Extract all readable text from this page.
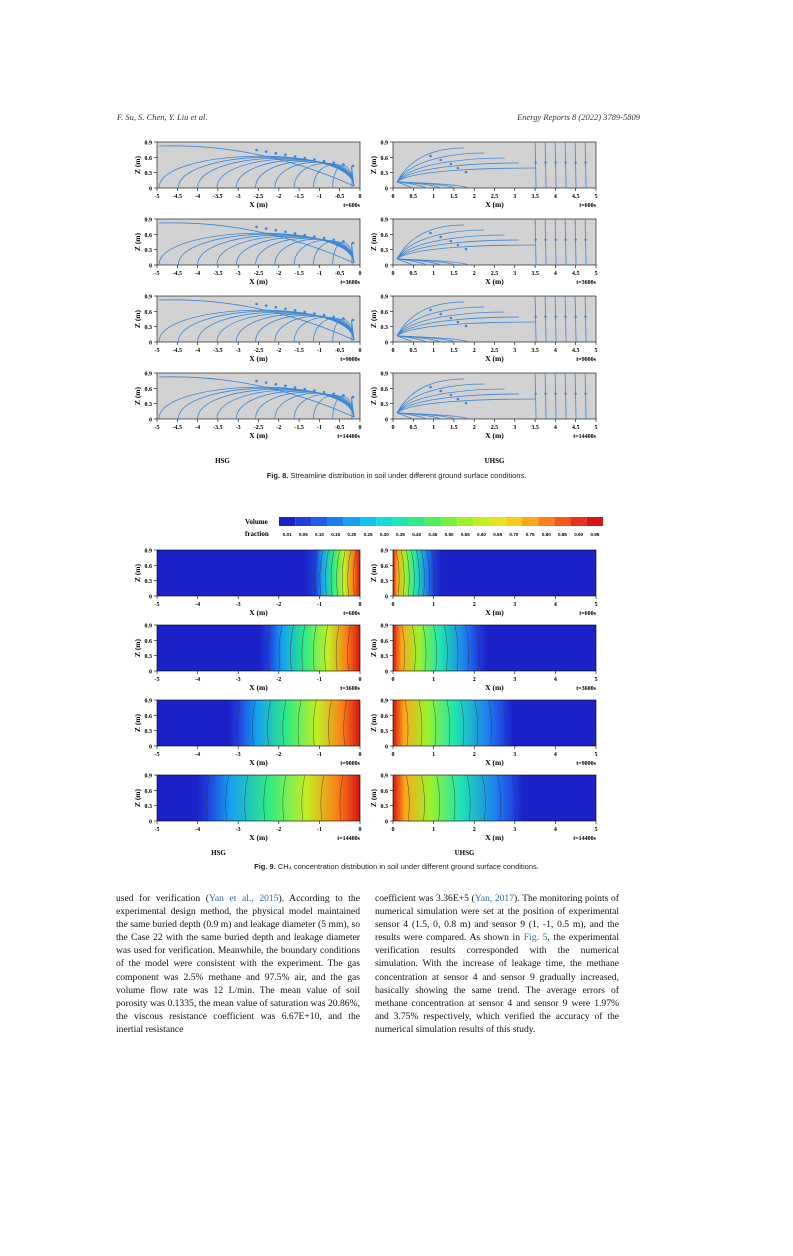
F. Su, S. Chen, Y. Liu et al.	Energy Reports 8 (2022) 3789-5809
0.9
0.6
0.3
0
-5 -4.5 -4 -3.5 -3 -2.5 -2 -1.5 -1 -0.5 0
Z (m)
X (m)	t=600s
0.9
0.6
0.3
0
0	0.5	1	1.5	2	2.5	3	3.5	4	4.5	5
Z (m)
X (m)	t=600s
0.9
0.6
0.3
0
-5 -4.5 -4 -3.5 -3 -2.5 -2 -1.5 -1 -0.5 0
Z (m)
X (m)	t=3600s
0.9
0.6
0.3
0
0	0.5	1	1.5	2	2.5	3	3.5	4	4.5	5
Z (m)
X (m)	t=3600s
0.9
0.6
0.3
0
-5 -4.5 -4 -3.5 -3 -2.5 -2 -1.5 -1 -0.5 0
Z (m)
X (m)	t=9000s
0.9
0.6
0.3
0
0	0.5	1	1.5	2	2.5	3	3.5	4	4.5	5
Z (m)
X (m)	t=9000s
0.9
0.6
0.3
0
-5 -4.5 -4 -3.5 -3 -2.5 -2 -1.5 -1 -0.5 0
Z (m)
X (m)	t=14400s
0.9
0.6
0.3
0
0	0.5	1	1.5	2	2.5	3	3.5	4	4.5	5
Z (m)
X (m)	t=14400s
HSG	UHSG
Fig. 8. Streamline distribution in soil under different ground surface conditions.
Volume
fraction	0.01 0.05 0.10 0.15 0.20 0.25 0.30 0.35 0.40 0.45 0.50 0.55 0.60 0.65 0.70 0.75 0.80 0.85 0.90 0.95
0.9
0.6
0.3
0
-5	-4	-3	-2	-1	0
Z (m)
X (m)	t=600s
0.9
0.6
0.3
0
0	1	2	3	4	5
Z (m)
X (m)	t=600s
0.9
0.6
0.3
0
-5	-4	-3	-2	-1	0
Z (m)
X (m)	t=3600s
0.9
0.6
0.3
0
0	1	2	3	4	5
Z (m)
X (m)	t=3600s
0.9
0.6
0.3
0
-5	-4	-3	-2	-1	0
Z (m)
X (m)	t=9000s
0.9
0.6
0.3
0
0	1	2	3	4	5
Z (m)
X (m)	t=9000s
0.9
0.6
0.3
0
-5	-4	-3	-2	-1	0
Z (m)
X (m)	t=14400s
0.9
0.6
0.3
0
0	1	2	3	4	5
Z (m)
X (m)	t=14400s
HSG	UHSG
Fig. 9. CH₄ concentration distribution in soil under different ground surface conditions.
used for verification (Yan et al., 2015). According to the experimental design method, the physical model maintained the same buried depth (0.9 m) and leakage diameter (5 mm), so the Case 22 with the same buried depth and leakage diameter was used for verification. Meanwhile, the boundary conditions of the model were consistent with the experiment. The gas component was 2.5% methane and 97.5% air, and the gas volume flow rate was 12 L/min. The mean value of soil porosity was 0.1335, the mean value of saturation was 20.86%, the viscous resistance coefficient was 6.67E+10, and the inertial resistance
coefficient was 3.36E+5 (Yan, 2017). The monitoring points of numerical simulation were set at the position of experimental sensor 4 (1.5, 0, 0.8 m) and sensor 9 (1, -1, 0.5 m), and the results were compared. As shown in Fig. 5, the experimental verification results corresponded with the numerical simulation. With the increase of leakage time, the methane concentration at sensor 4 and sensor 9 gradually increased, basically showing the same trend. The average errors of methane concentration at sensor 4 and sensor 9 were 1.97% and 3.75% respectively, which verified the accuracy of the numerical simulation results of this study.
